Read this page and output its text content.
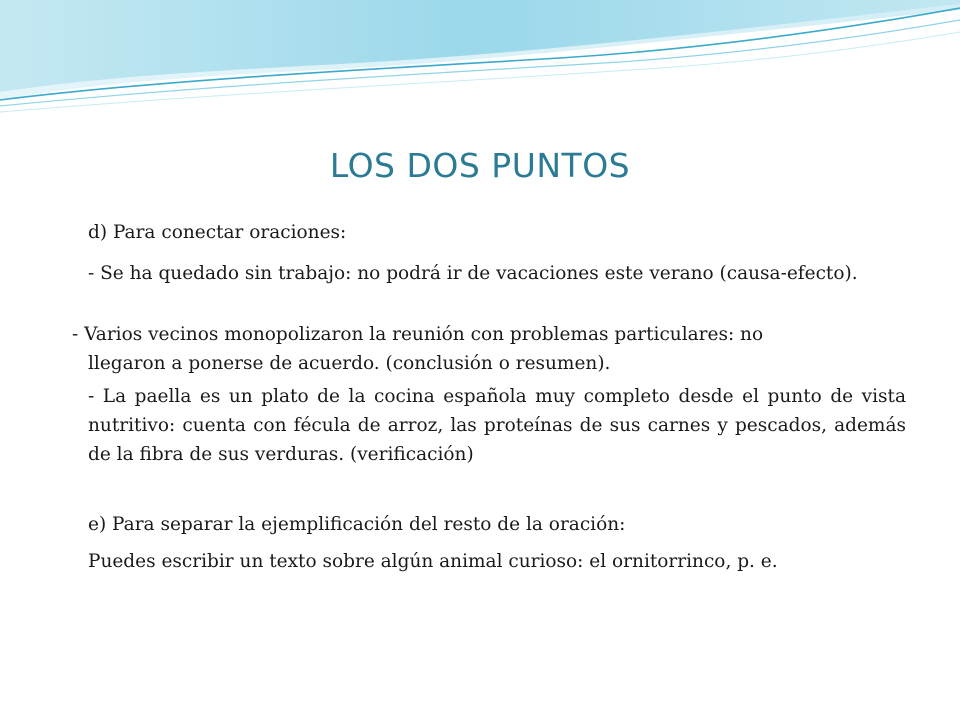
LOS DOS PUNTOS
d) Para conectar oraciones:
- Se ha quedado sin trabajo: no podrá ir de vacaciones este verano (causa-efecto).
- Varios vecinos monopolizaron la reunión con problemas particulares: no
llegaron a ponerse de acuerdo. (conclusión o resumen).
- La paella es un plato de la cocina española muy completo desde el punto de vista nutritivo: cuenta con fécula de arroz, las proteínas de sus carnes y pescados, además de la fibra de sus verduras. (verificación)
e) Para separar la ejemplificación del resto de la oración:
Puedes escribir un texto sobre algún animal curioso: el ornitorrinco, p. e.
